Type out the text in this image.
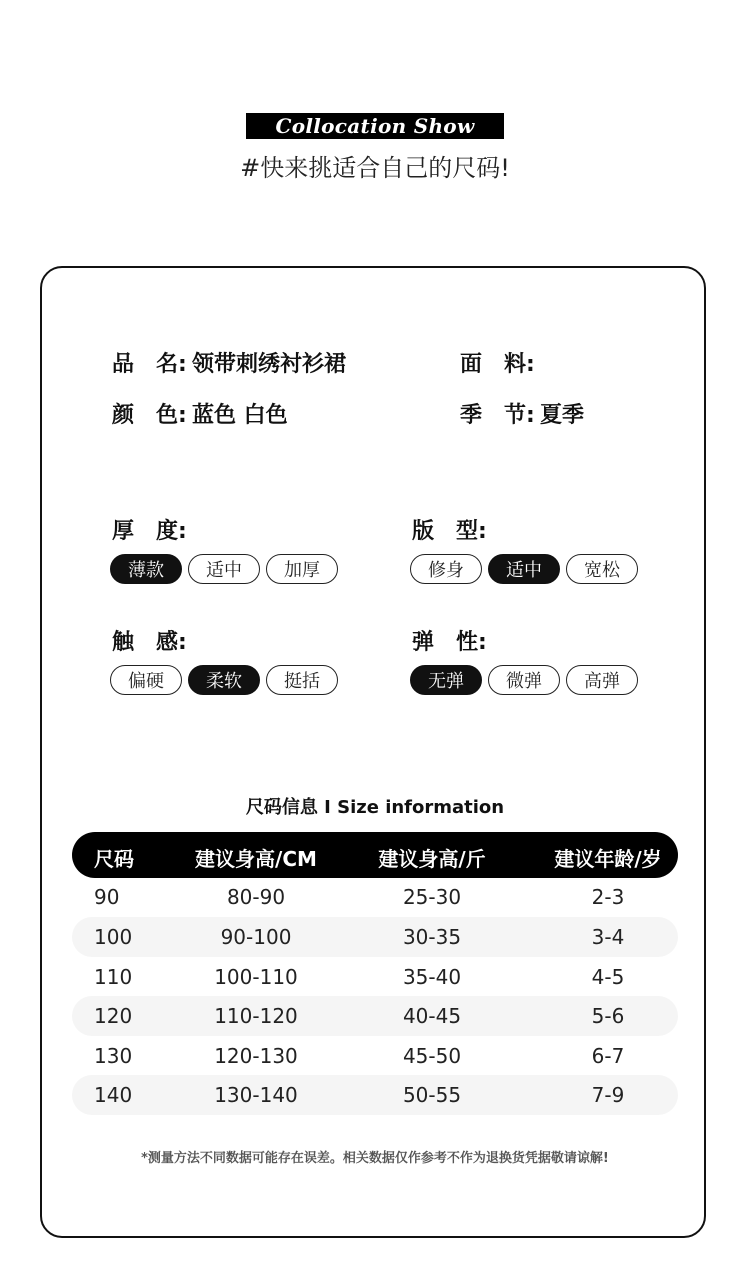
Collocation Show
#快来挑适合自己的尺码!
品　名: 领带刺绣衬衫裙	面　料:
颜　色: 蓝色 白色	季　节: 夏季
厚　度:
薄款	适中	加厚
版　型:
修身	适中	宽松
触　感:
偏硬	柔软	挺括
弹　性:
无弹	微弹	高弹
尺码信息 I Size information
尺码	建议身高/CM	建议身高/斤	建议年龄/岁
90	80-90	25-30	2-3
100	90-100	30-35	3-4
110	100-110	35-40	4-5
120	110-120	40-45	5-6
130	120-130	45-50	6-7
140	130-140	50-55	7-9
*测量方法不同数据可能存在误差。相关数据仅作参考不作为退换货凭据敬请谅解!
